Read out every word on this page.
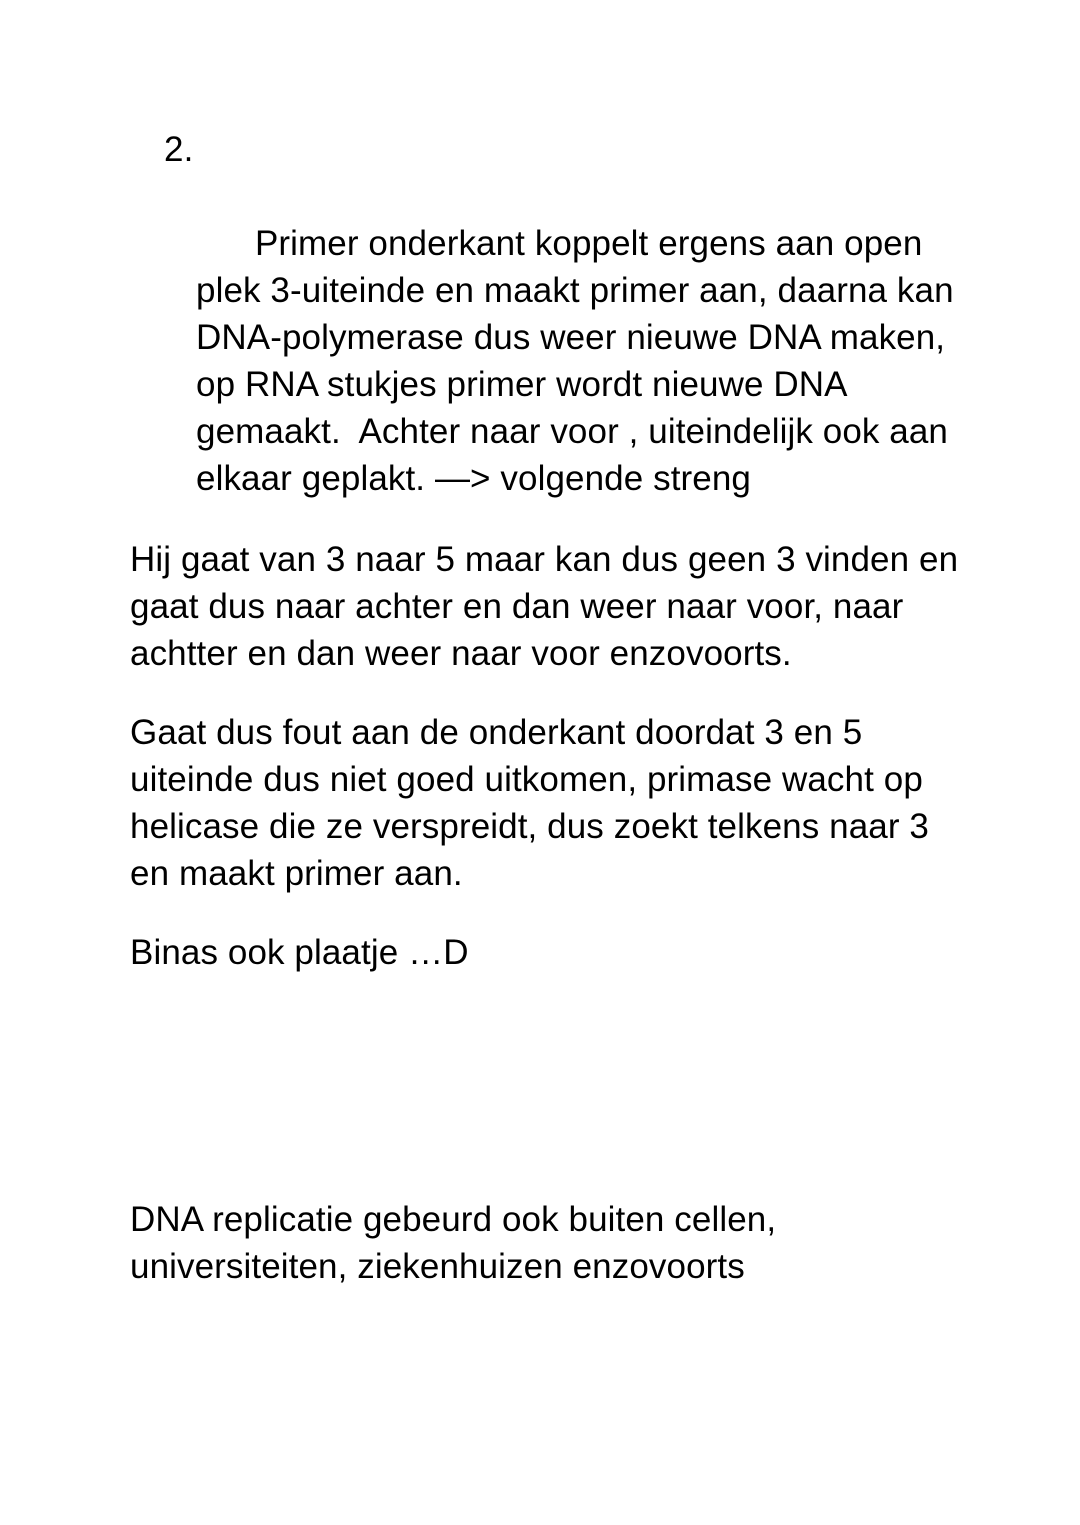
2.

Primer onderkant koppelt ergens aan open plek 3-uiteinde en maakt primer aan, daarna kan DNA-polymerase dus weer nieuwe DNA maken, op RNA stukjes primer wordt nieuwe DNA gemaakt.  Achter naar voor , uiteindelijk ook aan elkaar geplakt. —> volgende streng

Hij gaat van 3 naar 5 maar kan dus geen 3 vinden en gaat dus naar achter en dan weer naar voor, naar achtter en dan weer naar voor enzovoorts.

Gaat dus fout aan de onderkant doordat 3 en 5 uiteinde dus niet goed uitkomen, primase wacht op helicase die ze verspreidt, dus zoekt telkens naar 3 en maakt primer aan.

Binas ook plaatje …D

DNA replicatie gebeurd ook buiten cellen, universiteiten, ziekenhuizen enzovoorts
